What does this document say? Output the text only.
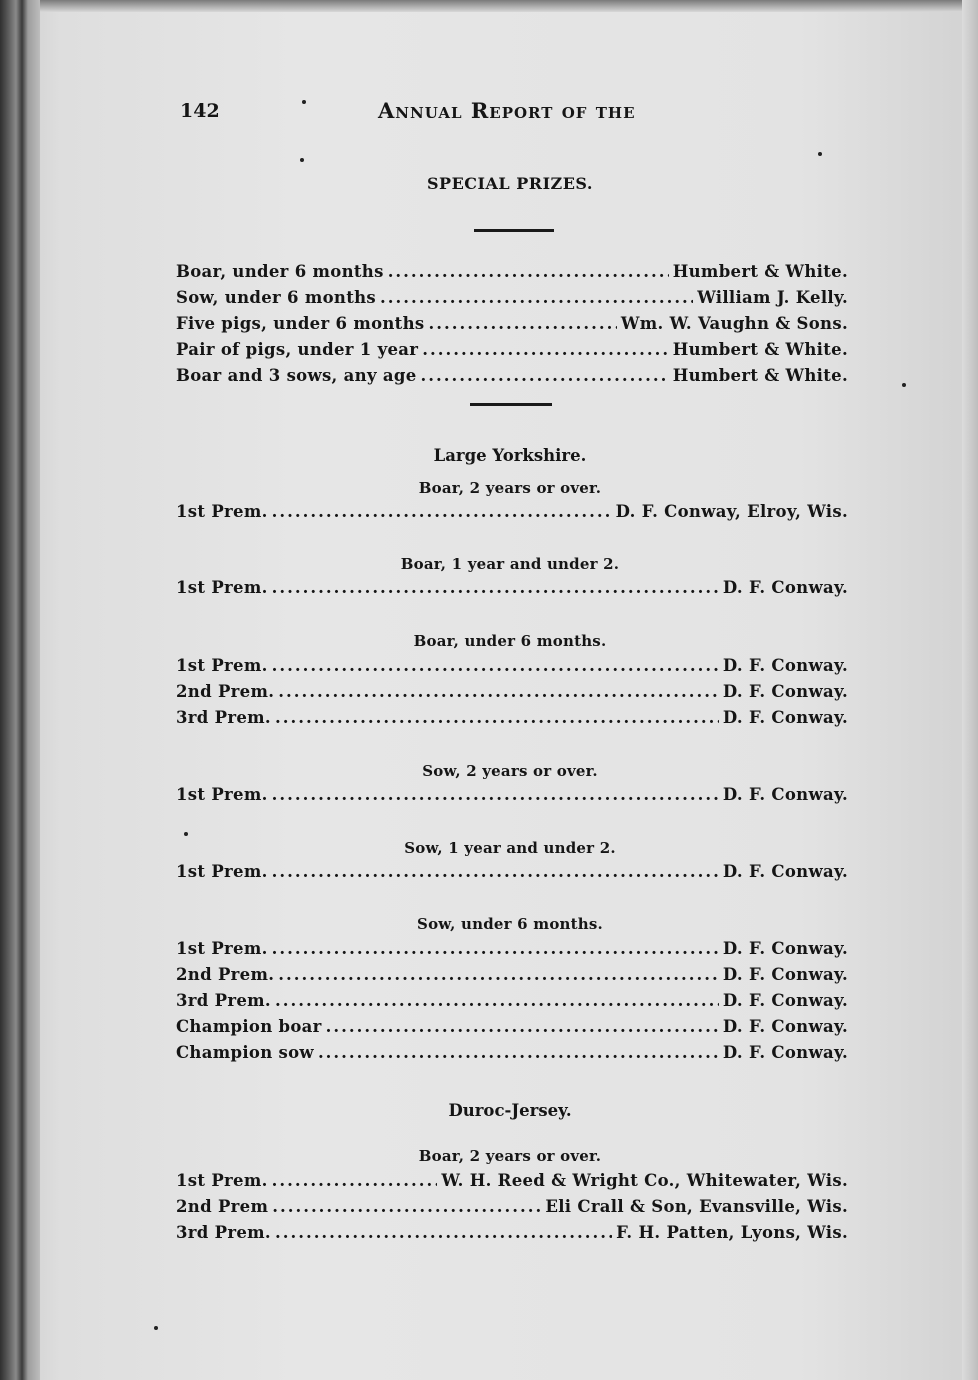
142	Annual Report of the
SPECIAL PRIZES.
Boar, under 6 months .....	Humbert & White.
Sow, under 6 months .....	William J. Kelly.
Five pigs, under 6 months .....	Wm. W. Vaughn & Sons.
Pair of pigs, under 1 year .....	Humbert & White.
Boar and 3 sows, any age .....	Humbert & White.
Large Yorkshire.
Boar, 2 years or over.
1st Prem. .....	D. F. Conway, Elroy, Wis.
Boar, 1 year and under 2.
1st Prem. .....	D. F. Conway.
Boar, under 6 months.
1st Prem. .....	D. F. Conway.
2nd Prem. .....	D. F. Conway.
3rd Prem. .....	D. F. Conway.
Sow, 2 years or over.
1st Prem. .....	D. F. Conway.
Sow, 1 year and under 2.
1st Prem. .....	D. F. Conway.
Sow, under 6 months.
1st Prem. .....	D. F. Conway.
2nd Prem. .....	D. F. Conway.
3rd Prem. .....	D. F. Conway.
Champion boar .....	D. F. Conway.
Champion sow .....	D. F. Conway.
Duroc-Jersey.
Boar, 2 years or over.
1st Prem. .....	W. H. Reed & Wright Co., Whitewater, Wis.
2nd Prem .....	Eli Crall & Son, Evansville, Wis.
3rd Prem. .....	F. H. Patten, Lyons, Wis.
